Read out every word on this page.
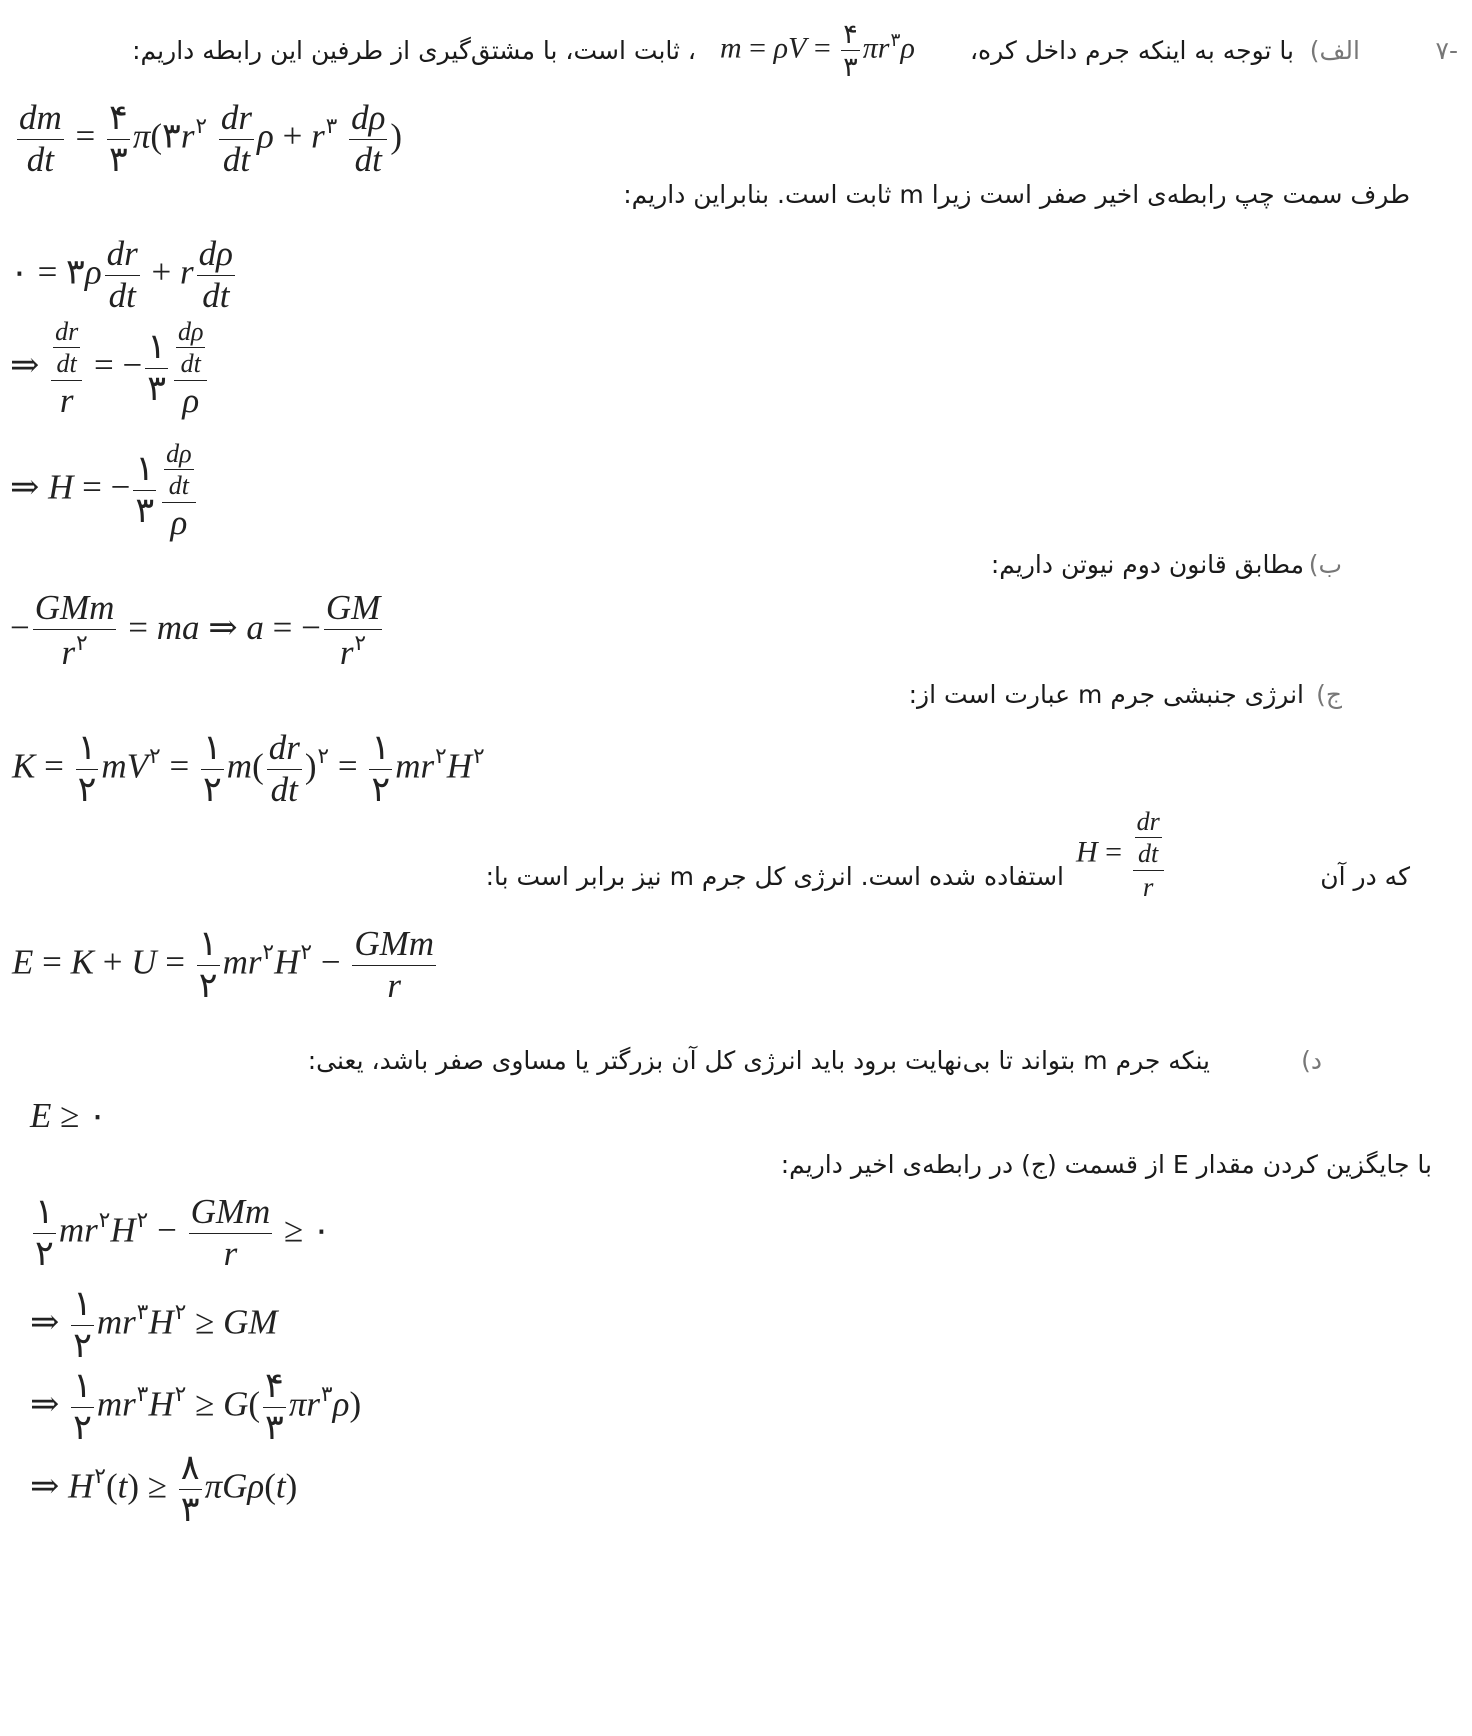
-۷
الف)
با توجه به اینکه جرم داخل کره،
m = ρV = ۴
۳
$\pi r^۳\rho$
، ثابت است، با مشتق‌گیری از طرفین این رابطه داریم:
$\frac{dm}{dt}$ = ۴
۳
$\pi(۳r^۲ \frac{dr}{dt}$ $\rho + r^۳ \frac{d\rho}{dt}$ )
طرف سمت چپ رابطه‌ی اخیر صفر است زیرا m ثابت است. بنابراین داریم:
٠ = ۳ρ $\frac{dr}{dt} + r \frac{d\rho}{dt}$
⇒ $\frac{dr}{dt}$
r
= − ١
۳
$\frac{d\rho}{dt}$
ρ
⇒ H = − ١
۳
$\frac{d\rho}{dt}$
ρ
ب)
مطابق قانون دوم نیوتن داریم:
−
GMm
$r^۲$ = ma ⇒ a = − $\frac{GM}{r^۲}$
ج)
انرژی جنبشی جرم m عبارت است از:
K = ١
۲
$mV^۲$ = ١
۲
$m( \frac{dr}{dt} )^۲$ = ١
۲
$mr^۲H^۲$
که در آن
$H = \frac{dr}{dt}$
r
استفاده شده است. انرژی کل جرم m نیز برابر است با:
E = K + U = ١
۲
$mr^۲H^۲$ − GMm
r
د)
ینکه جرم m بتواند تا بی‌نهایت برود باید انرژی کل آن بزرگتر یا مساوی صفر باشد، یعنی:
E ≥ ٠
با جایگزین کردن مقدار E از قسمت (ج) در رابطه‌ی اخیر داریم:
١
۲
$mr^۲H^۲$ − GMm
r
≥ ٠
⇒ ١
۲
$mr^۳H^۲$ ≥ GM
⇒ ١
۲
$mr^۳H^۲ \ge G$( ۴
۳
$\pi r^۳\rho$)
⇒ $H^۲(t)$ ≥ ۸
۳
πGρ(t)
